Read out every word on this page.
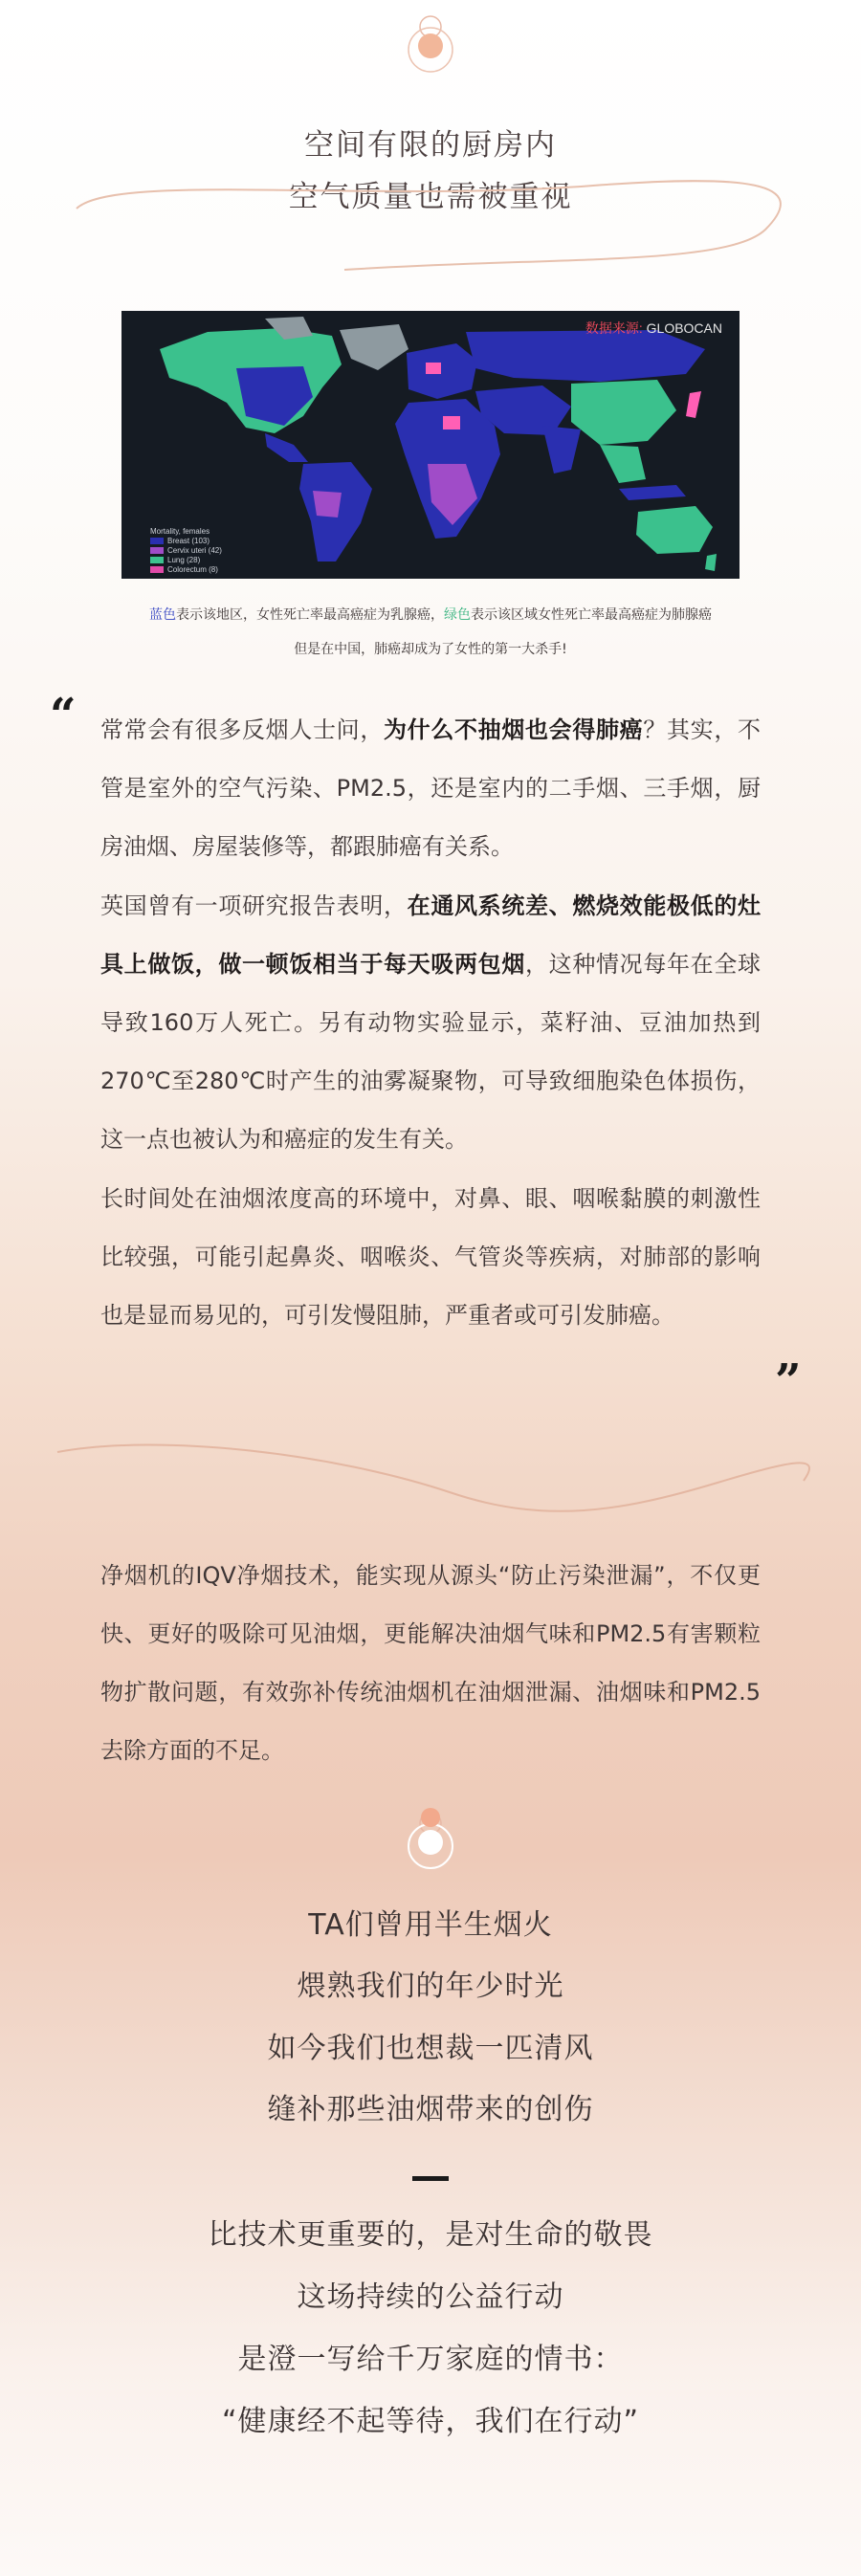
空间有限的厨房内
空气质量也需被重视
数据来源: GLOBOCAN
Mortality, females
Breast (103)
Cervix uteri (42)
Lung (28)
Colorectum (8)
蓝色表示该地区，女性死亡率最高癌症为乳腺癌，绿色表示该区域女性死亡率最高癌症为肺腺癌
但是在中国，肺癌却成为了女性的第一大杀手!
“ 常常会有很多反烟人士问，为什么不抽烟也会得肺癌？其实，不管是室外的空气污染、PM2.5，还是室内的二手烟、三手烟，厨房油烟、房屋装修等，都跟肺癌有关系。
英国曾有一项研究报告表明，在通风系统差、燃烧效能极低的灶具上做饭，做一顿饭相当于每天吸两包烟，这种情况每年在全球导致160万人死亡。另有动物实验显示，菜籽油、豆油加热到270℃至280℃时产生的油雾凝聚物，可导致细胞染色体损伤，这一点也被认为和癌症的发生有关。
长时间处在油烟浓度高的环境中，对鼻、眼、咽喉黏膜的刺激性比较强，可能引起鼻炎、咽喉炎、气管炎等疾病，对肺部的影响也是显而易见的，可引发慢阻肺，严重者或可引发肺癌。
”
净烟机的IQV净烟技术，能实现从源头“防止污染泄漏”，不仅更快、更好的吸除可见油烟，更能解决油烟气味和PM2.5有害颗粒物扩散问题，有效弥补传统油烟机在油烟泄漏、油烟味和PM2.5去除方面的不足。
TA们曾用半生烟火
煨熟我们的年少时光
如今我们也想裁一匹清风
缝补那些油烟带来的创伤
比技术更重要的，是对生命的敬畏
这场持续的公益行动
是澄一写给千万家庭的情书：
“健康经不起等待，我们在行动”
